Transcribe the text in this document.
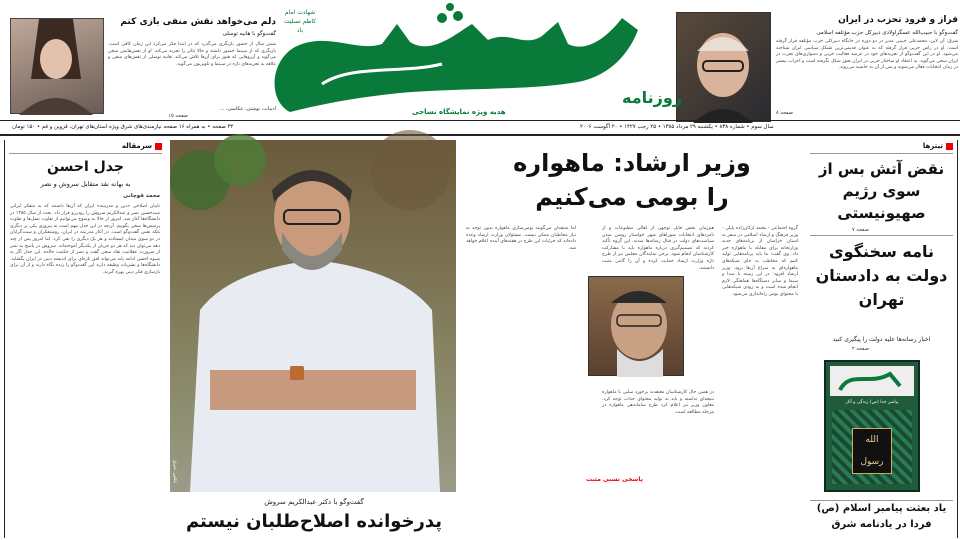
فراز و فرود تحزب در ایران
گفت‌وگو با حبیب‌الله عسگراولادی دبیرکل حزب مؤتلفه اسلامی
شرق: آن لاین، محمدعلی حبیبی مدیر در دو دوره در جایگاه دبیرکلی حزب مؤتلفه قرار گرفته است. او در راس حزبی قرار گرفته که به عنوان قدیمی‌ترین تشکل سیاسی ایران شناخته می‌شود. او در این گفت‌وگو از تجربه‌های خود در عرصه فعالیت حزبی و دشواری‌های تحزب در ایران سخن می‌گوید. به اعتقاد او ساختار حزبی در ایران هنوز شکل نگرفته است و احزاب بیشتر در زمان انتخابات فعال می‌شوند و پس از آن به حاشیه می‌روند.
صفحه ۸
روزنامه
هدیه ویژه نمایشگاه نساجی
شهادت امام کاظم تسلیت باد
دلم می‌خواهد نقش منفی بازی کنم
گفت‌وگو با هانیه توسلی
شش سال از حضور بازیگری می‌گذرد که در ابتدا فکر می‌کرد این زمان کافی است. بازیگری که از سینما حضور داشته و حالا تئاتر را تجربه می‌کند. او از نقش‌هایش سخن می‌گوید و آرزوهایی که هنوز برای آن‌ها تلاش می‌کند. هانیه توسلی از نقش‌های منفی و علاقه به تجربه‌های تازه در سینما و تلویزیون می‌گوید.
ادبیات، نوشتن، عکاسی، ...
صفحه ۱۵
سال سوم • شماره ۸۳۸ • یکشنبه ۲۹ مرداد ۱۳۸۵ • ۲۵ رجب ۱۴۲۷ • ۲۰ آگوست ۲۰۰۶
۳۲ صفحه • به همراه ۱۶ صفحه نیازمندی‌های شرق ویژه استان‌های تهران، قزوین و قم • ۱۵۰ تومان
تیترها
نقض آتش بس از سوی رژیم صهیونیستی
صفحه ۷
نامه سخنگوی دولت به دادستان تهران
اخبار رسانه‌ها علیه دولت را پیگیری کنید
صفحه ۲
پیامبر خدا (ص) زندگی و آثار
الله رسول
یاد بعثت پیامبر اسلام (ص)
فردا در یادنامه شرق
وزیر ارشاد: ماهواره
را بومی می‌کنیم
گروه اجتماعی - محمد ارکان‌زاده پاپلی - وزیر فرهنگ و ارشاد اسلامی در سفر به استان خراسان از برنامه‌های جدید وزارتخانه برای مقابله با ماهواره خبر داد. وی گفت: ما باید برنامه‌هایی تولید کنیم که مخاطب به جای شبکه‌های ماهواره‌ای به سراغ آن‌ها برود. وزیر ارشاد افزود: در این زمینه با صدا و سیما و سایر دستگاه‌ها هماهنگی لازم انجام شده است و به زودی شبکه‌هایی با محتوای بومی راه‌اندازی می‌شود.
هم‌زمان بخش قابل توجهی از اهالی مطبوعات و از نامزدهای انتخابات شوراهای شهر خواستار روشن شدن سیاست‌های دولت در قبال رسانه‌ها شدند. این گروه تأکید کردند که تصمیم‌گیری درباره ماهواره باید با مشارکت کارشناسان انجام شود. برخی نمایندگان مجلس نیز از طرح تازه وزارت ارشاد حمایت کرده و آن را گامی مثبت دانستند.
در همین حال کارشناسان معتقدند برخورد سلبی با ماهواره نتیجه‌ای نداشته و باید به تولید محتوای جذاب توجه کرد. معاون وزیر نیز اعلام کرد طرح ساماندهی ماهواره در مرحله مطالعه است.
اما منتقدان می‌گویند بومی‌سازی ماهواره بدون توجه به نیاز مخاطبان ممکن نیست. مسئولان وزارت ارشاد وعده داده‌اند که جزئیات این طرح در هفته‌های آینده اعلام خواهد شد.
پاسخی نسبی مثبت
عکس: شرق
گفت‌وگو با دکتر عبدالکریم سروش
پدرخوانده اصلاح‌طلبان نیستم
سرمقاله
جدل احسن
به بهانه نقد متقابل سروش و نصر
محمد قوچانی
نایبان اصلاحی «دین و مدرنیته» ایران که آن‌ها داشتند که به متفکر ایرانی سیدحسین نصر و عبدالکریم سروش را رودررو قرار داد. بحث از سال ۱۳۸۵ در دانشگاه‌ها آغاز شد. امروز از حالا به وضوح می‌توانیم از تفاوت نسل‌ها و تفاوت پرسش‌ها سخن بگوییم. آن‌چه در این جدل مهم است نه پیروزی یکی بر دیگری بلکه نفس گفت‌وگو است. در آغاز مدرنیته در ایران، روشنفکران و سنت‌گرایان در دو سوی میدان ایستادند و هر یک دیگری را نفی کرد. اما امروز پس از چند دهه می‌توان دید که هر دو جریان از یکدیگر آموخته‌اند. سروش در پاسخ به نصر از ضرورت عقلانیت نقاد سخن گفت و نصر از حکمت خالده. این جدل اگر به شیوه احسن ادامه یابد می‌تواند افق تازه‌ای برای اندیشه دینی در ایران بگشاید. دانشگاه‌ها و نشریات وظیفه دارند این گفت‌وگو را زنده نگاه دارند و از آن برای بازسازی فکر دینی بهره گیرند.
